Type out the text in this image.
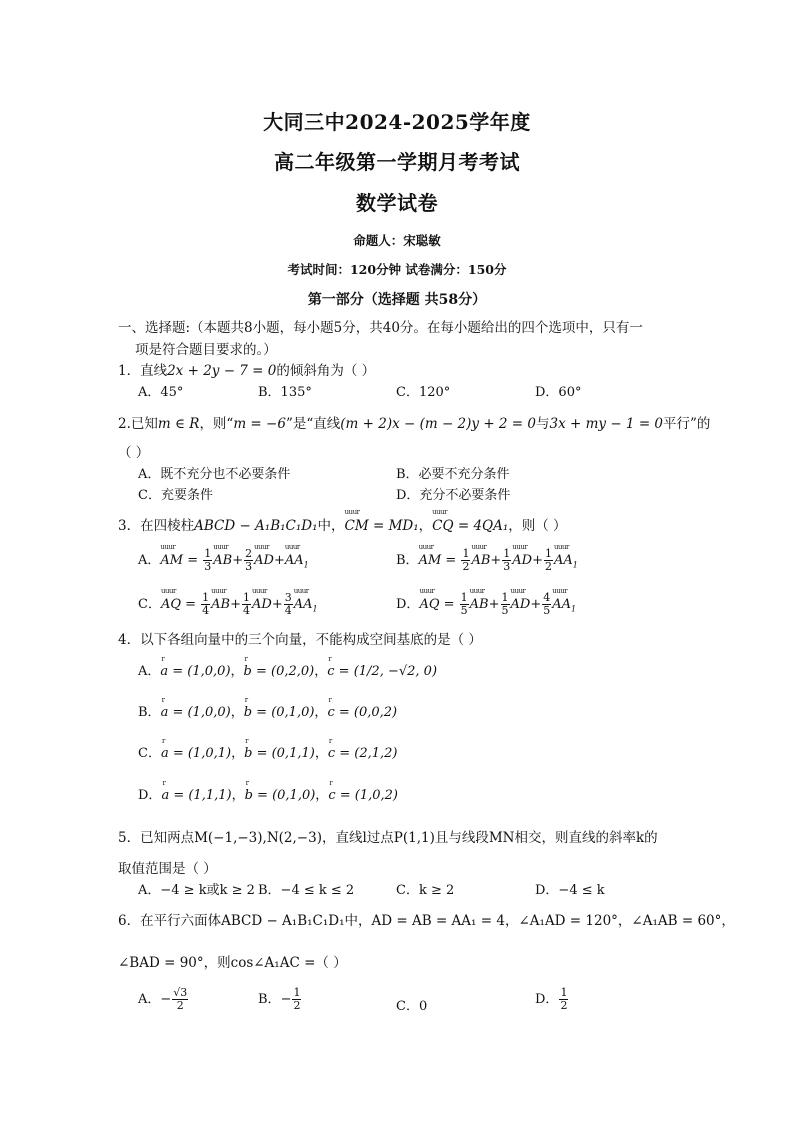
大同三中2024-2025学年度
高二年级第一学期月考考试
数学试卷
命题人：宋聪敏
考试时间：120分钟 试卷满分：150分
第一部分（选择题 共58分）
一、选择题:（本题共8小题，每小题5分，共40分。在每小题给出的四个选项中，只有一
项是符合题目要求的。）
1．直线2x + 2y − 7 = 0的倾斜角为（ ）
A．45°	B．135°	C．120°	D．60°
2.已知m ∈ R，则“m = −6”是“直线(m + 2)x − (m − 2)y + 2 = 0与3x + my − 1 = 0平行”的
（ ）
A．既不充分也不必要条件	B．必要不充分条件
C．充要条件	D．充分不必要条件
3．在四棱柱ABCD − A₁B₁C₁D₁中，uuur CM = MD₁，uuur CQ = 4QA₁，则（ ）
A．uuur AM = $\frac{1}{3}$ uuur $AB+ \frac{2}{3}$ uuur AD+uuur $AA_1$	B．uuur AM = $\frac{1}{2}$ uuur $AB+ \frac{1}{3}$ uuur $AD+ \frac{1}{2}$ uuur $AA_1$
C．uuur AQ = $\frac{1}{4}$ uuur $AB+ \frac{1}{4}$ uuur $AD+ \frac{3}{4}$ uuur $AA_1$	D．uuur AQ = $\frac{1}{5}$ uuur $AB+ \frac{1}{5}$ uuur $AD+ \frac{4}{5}$ uuur $AA_1$
4．以下各组向量中的三个向量，不能构成空间基底的是（ ）
A．r a = (1,0,0)，r b = (0,2,0)，r c = (1/2, −√2, 0)
B．r a = (1,0,0)，r b = (0,1,0)，r c = (0,0,2)
C．r a = (1,0,1)，r b = (0,1,1)，r c = (2,1,2)
D．r a = (1,1,1)，r b = (0,1,0)，r c = (1,0,2)
5．已知两点M(−1,−3),N(2,−3)，直线l过点P(1,1)且与线段MN相交，则直线的斜率k的
取值范围是（ ）
A．−4 ≥ k或k ≥ 2 B．−4 ≤ k ≤ 2	C．k ≥ 2	D．−4 ≤ k
6．在平行六面体ABCD − A₁B₁C₁D₁中，AD = AB = AA₁ = 4，∠A₁AD = 120°，∠A₁AB = 60°，
∠BAD = 90°，则cos∠A₁AC =（ ）
A．− $\frac{√3}{2}$	B．− $\frac{1}{2}$	C．0	D． $\frac{1}{2}$
